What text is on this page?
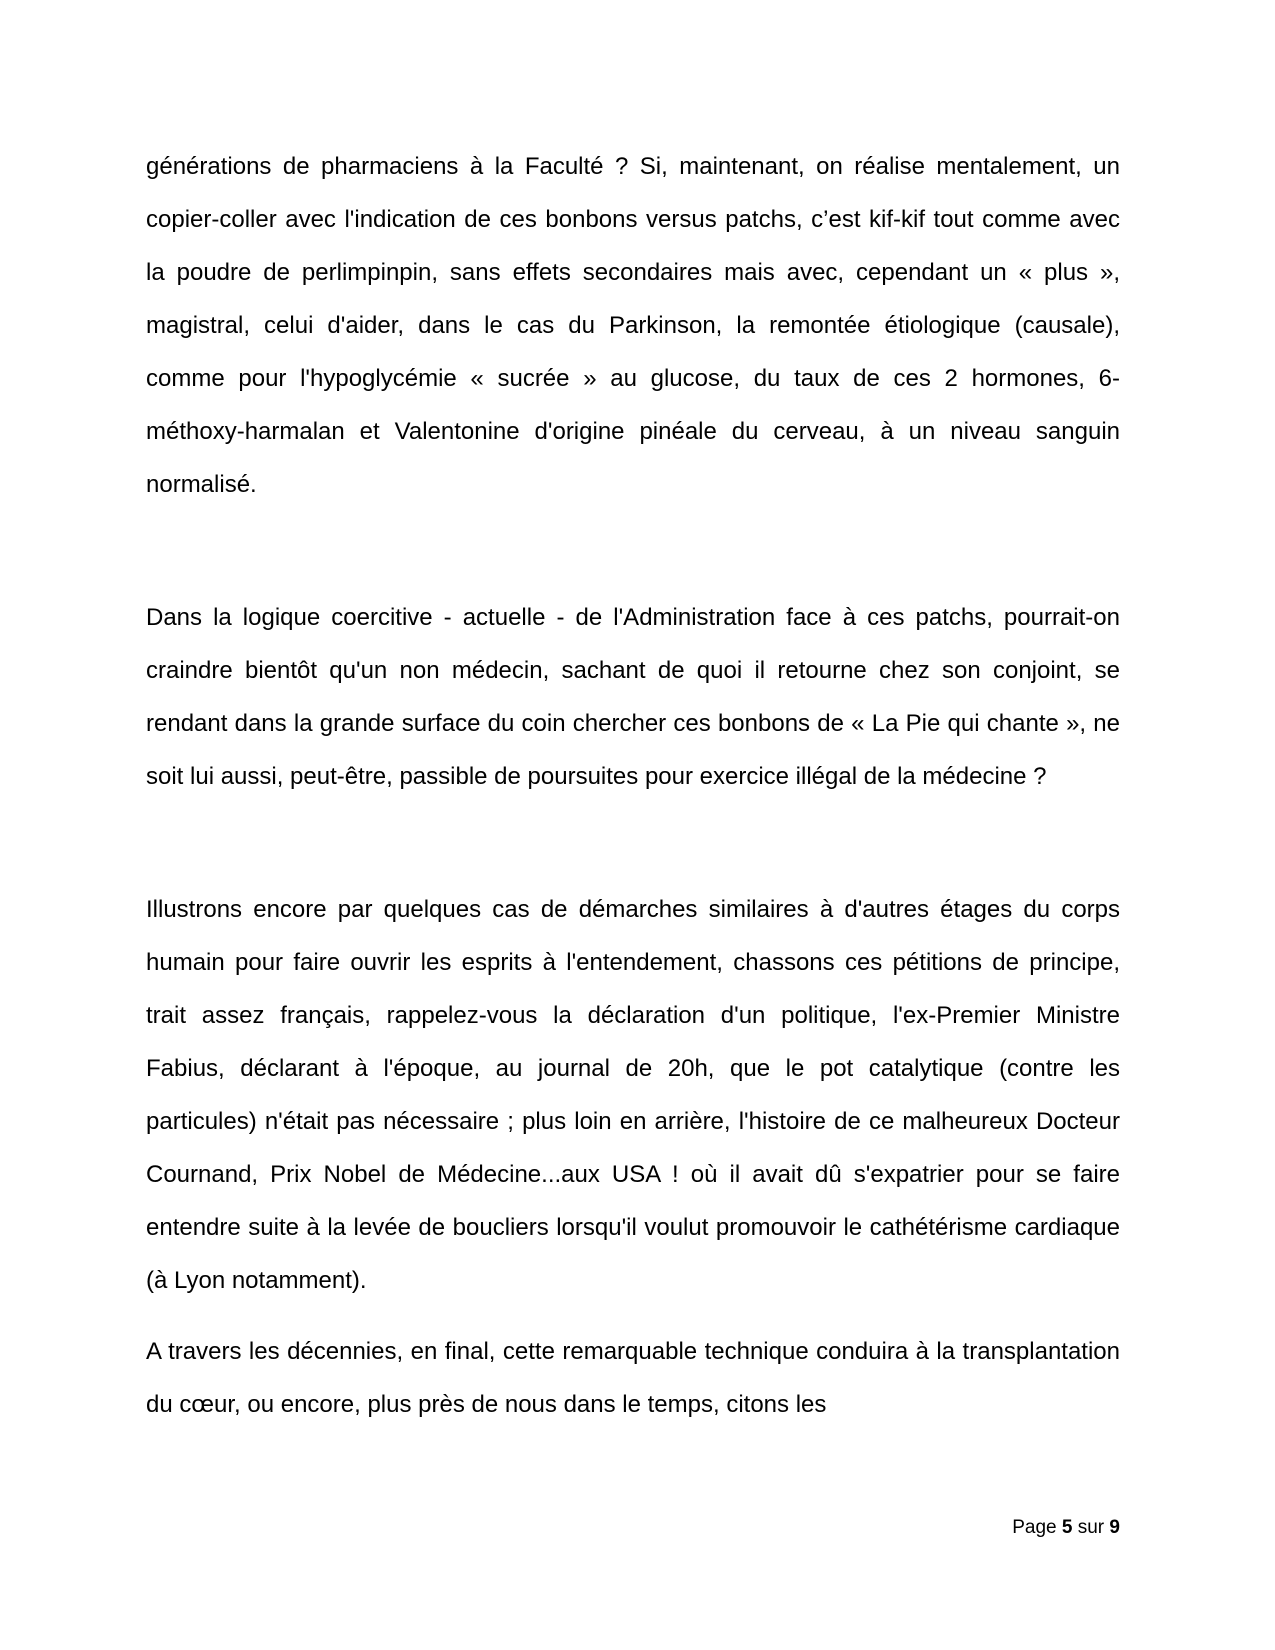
générations de pharmaciens à la Faculté ? Si, maintenant, on réalise mentalement, un copier-coller avec l'indication de ces bonbons versus patchs, c’est kif-kif tout comme avec la poudre de perlimpinpin, sans effets secondaires mais avec, cependant un « plus », magistral, celui d'aider, dans le cas du Parkinson, la remontée étiologique (causale), comme pour l'hypoglycémie « sucrée » au glucose, du taux de ces 2 hormones, 6-méthoxy-harmalan et Valentonine d'origine pinéale du cerveau, à un niveau sanguin normalisé.

Dans la logique coercitive - actuelle - de l'Administration face à ces patchs, pourrait-on craindre bientôt qu'un non médecin, sachant de quoi il retourne chez son conjoint, se rendant dans la grande surface du coin chercher ces bonbons de « La Pie qui chante », ne soit lui aussi, peut-être, passible de poursuites pour exercice illégal de la médecine ?

Illustrons encore par quelques cas de démarches similaires à d'autres étages du corps humain pour faire ouvrir les esprits à l'entendement, chassons ces pétitions de principe, trait assez français, rappelez-vous la déclaration d'un politique, l'ex-Premier Ministre Fabius, déclarant à l'époque, au journal de 20h, que le pot catalytique (contre les particules) n'était pas nécessaire ; plus loin en arrière, l'histoire de ce malheureux Docteur Cournand, Prix Nobel de Médecine...aux USA ! où il avait dû s'expatrier pour se faire entendre suite à la levée de boucliers lorsqu'il voulut promouvoir le cathétérisme cardiaque (à Lyon notamment).

A travers les décennies, en final, cette remarquable technique conduira à la transplantation du cœur, ou encore, plus près de nous dans le temps, citons les

Page 5 sur 9
